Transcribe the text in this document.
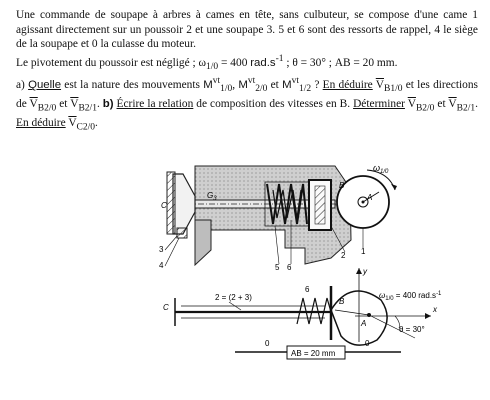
Une commande de soupape à arbres à cames en tête, sans culbuteur, se compose d'une came 1 agissant directement sur un poussoir 2 et une soupape 3. 5 et 6 sont des ressorts de rappel, 4 le siège de la soupape et 0 la culasse du moteur.

Le pivotement du poussoir est négligé ; $\omega_{1/0} = 400$ $rad.s^{-1}$ ; θ = 30° ; AB = 20 mm.

a) Quelle est la nature des mouvements $M^{vt}_{1/0}$, $M^{vt}_{2/0}$ et $M^{vt}_{1/2}$ ? En déduire $\overline{V}_{B1/0}$ et les directions de $\overline{V}_{B2/0}$ et $\overline{V}_{B2/1}$. b) Écrire la relation de composition des vitesses en B. Déterminer $\overline{V}_{B2/0}$ et $\overline{V}_{B2/1}$. En déduire $\overline{V}_{C2/0}$.

$\omega_{1/0}$
B
A
C
$G_3$
1
2
3
4	5 6
C
2 = (2 + 3)
6
B
A
x
y
θ = 30°
$\omega_{1/0} = 400$ $rad.s^{-1}$
0	0
AB = 20 mm
